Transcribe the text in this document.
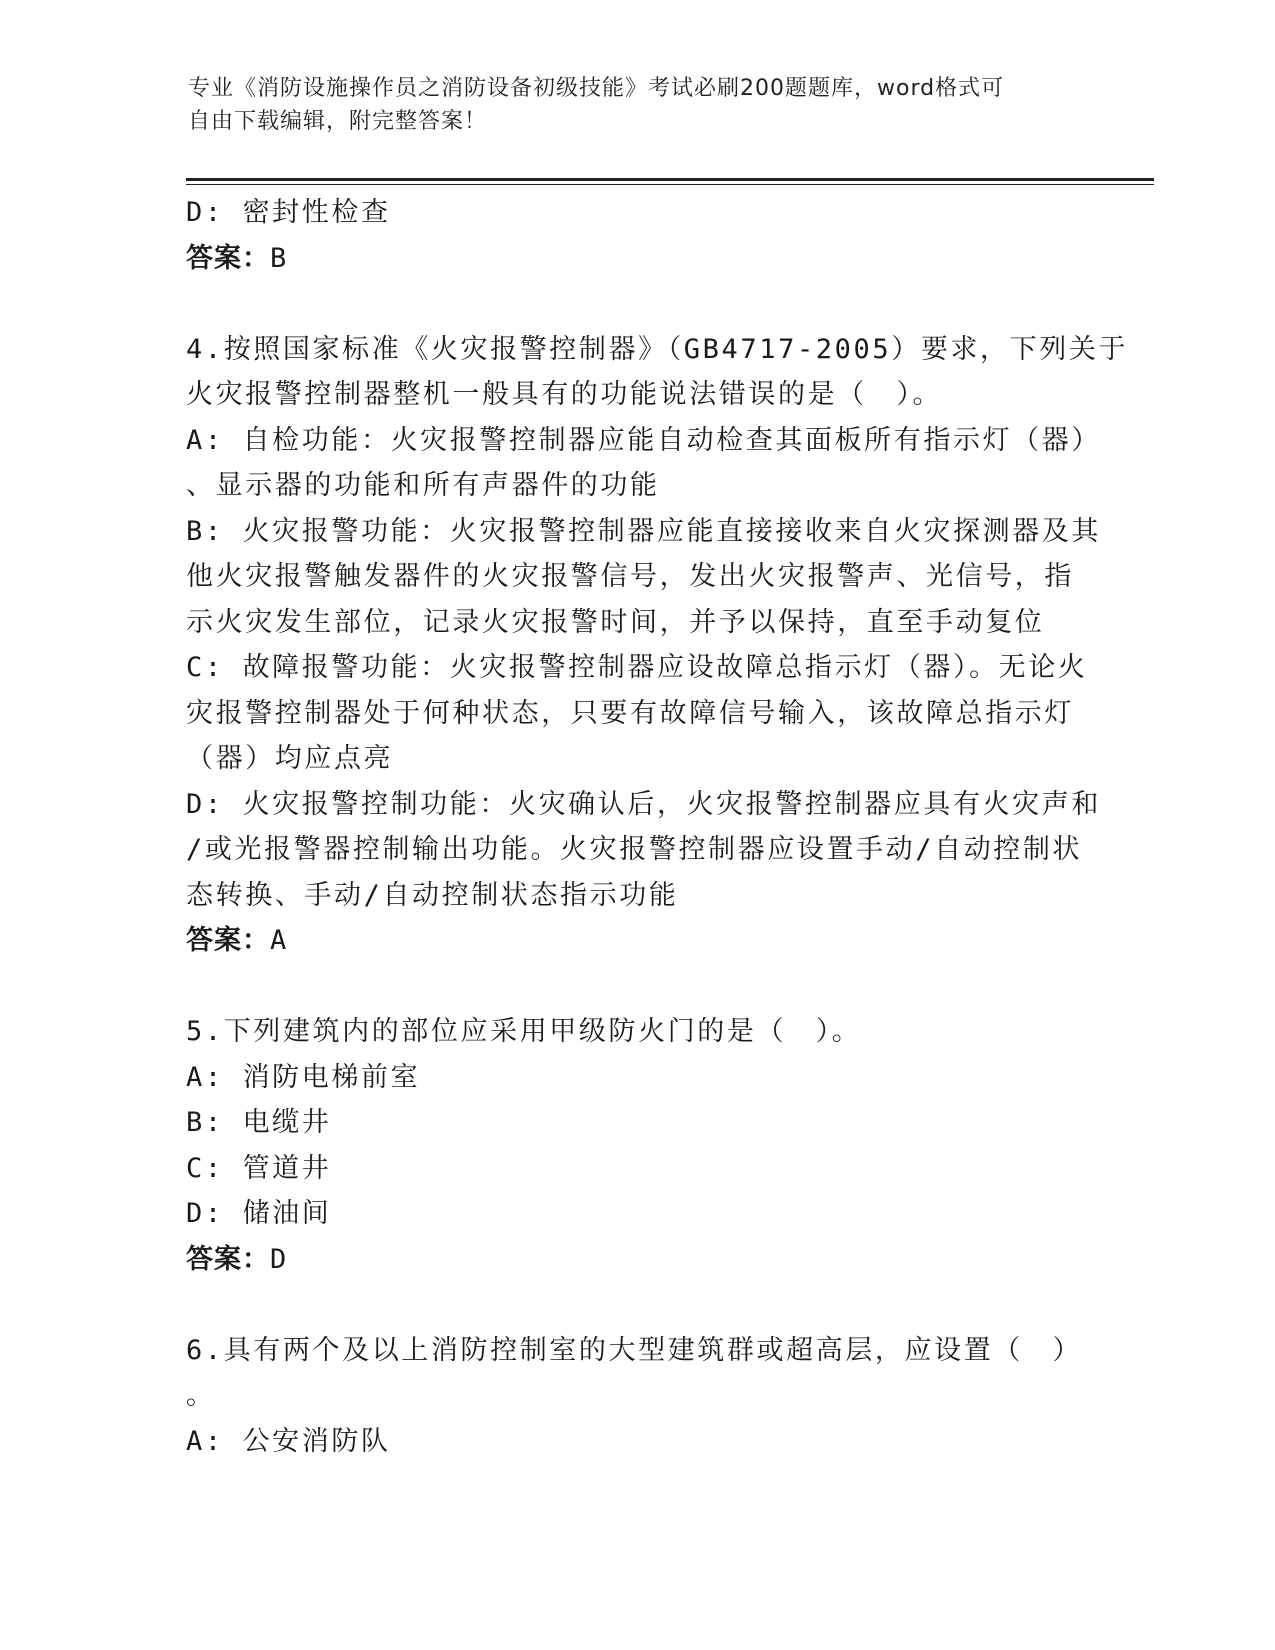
专业《消防设施操作员之消防设备初级技能》考试必刷200题题库，word格式可
自由下载编辑，附完整答案！
D: 密封性检查
答案：B
4.按照国家标准《火灾报警控制器》（GB4717-2005）要求，下列关于
火灾报警控制器整机一般具有的功能说法错误的是（　）。
A: 自检功能：火灾报警控制器应能自动检查其面板所有指示灯（器）
、显示器的功能和所有声器件的功能
B: 火灾报警功能：火灾报警控制器应能直接接收来自火灾探测器及其
他火灾报警触发器件的火灾报警信号，发出火灾报警声、光信号，指
示火灾发生部位，记录火灾报警时间，并予以保持，直至手动复位
C: 故障报警功能：火灾报警控制器应设故障总指示灯（器）。无论火
灾报警控制器处于何种状态，只要有故障信号输入，该故障总指示灯
（器）均应点亮
D: 火灾报警控制功能：火灾确认后，火灾报警控制器应具有火灾声和
/或光报警器控制输出功能。火灾报警控制器应设置手动/自动控制状
态转换、手动/自动控制状态指示功能
答案：A
5.下列建筑内的部位应采用甲级防火门的是（　）。
A: 消防电梯前室
B: 电缆井
C: 管道井
D: 储油间
答案：D
6.具有两个及以上消防控制室的大型建筑群或超高层，应设置（　）
。
A: 公安消防队
